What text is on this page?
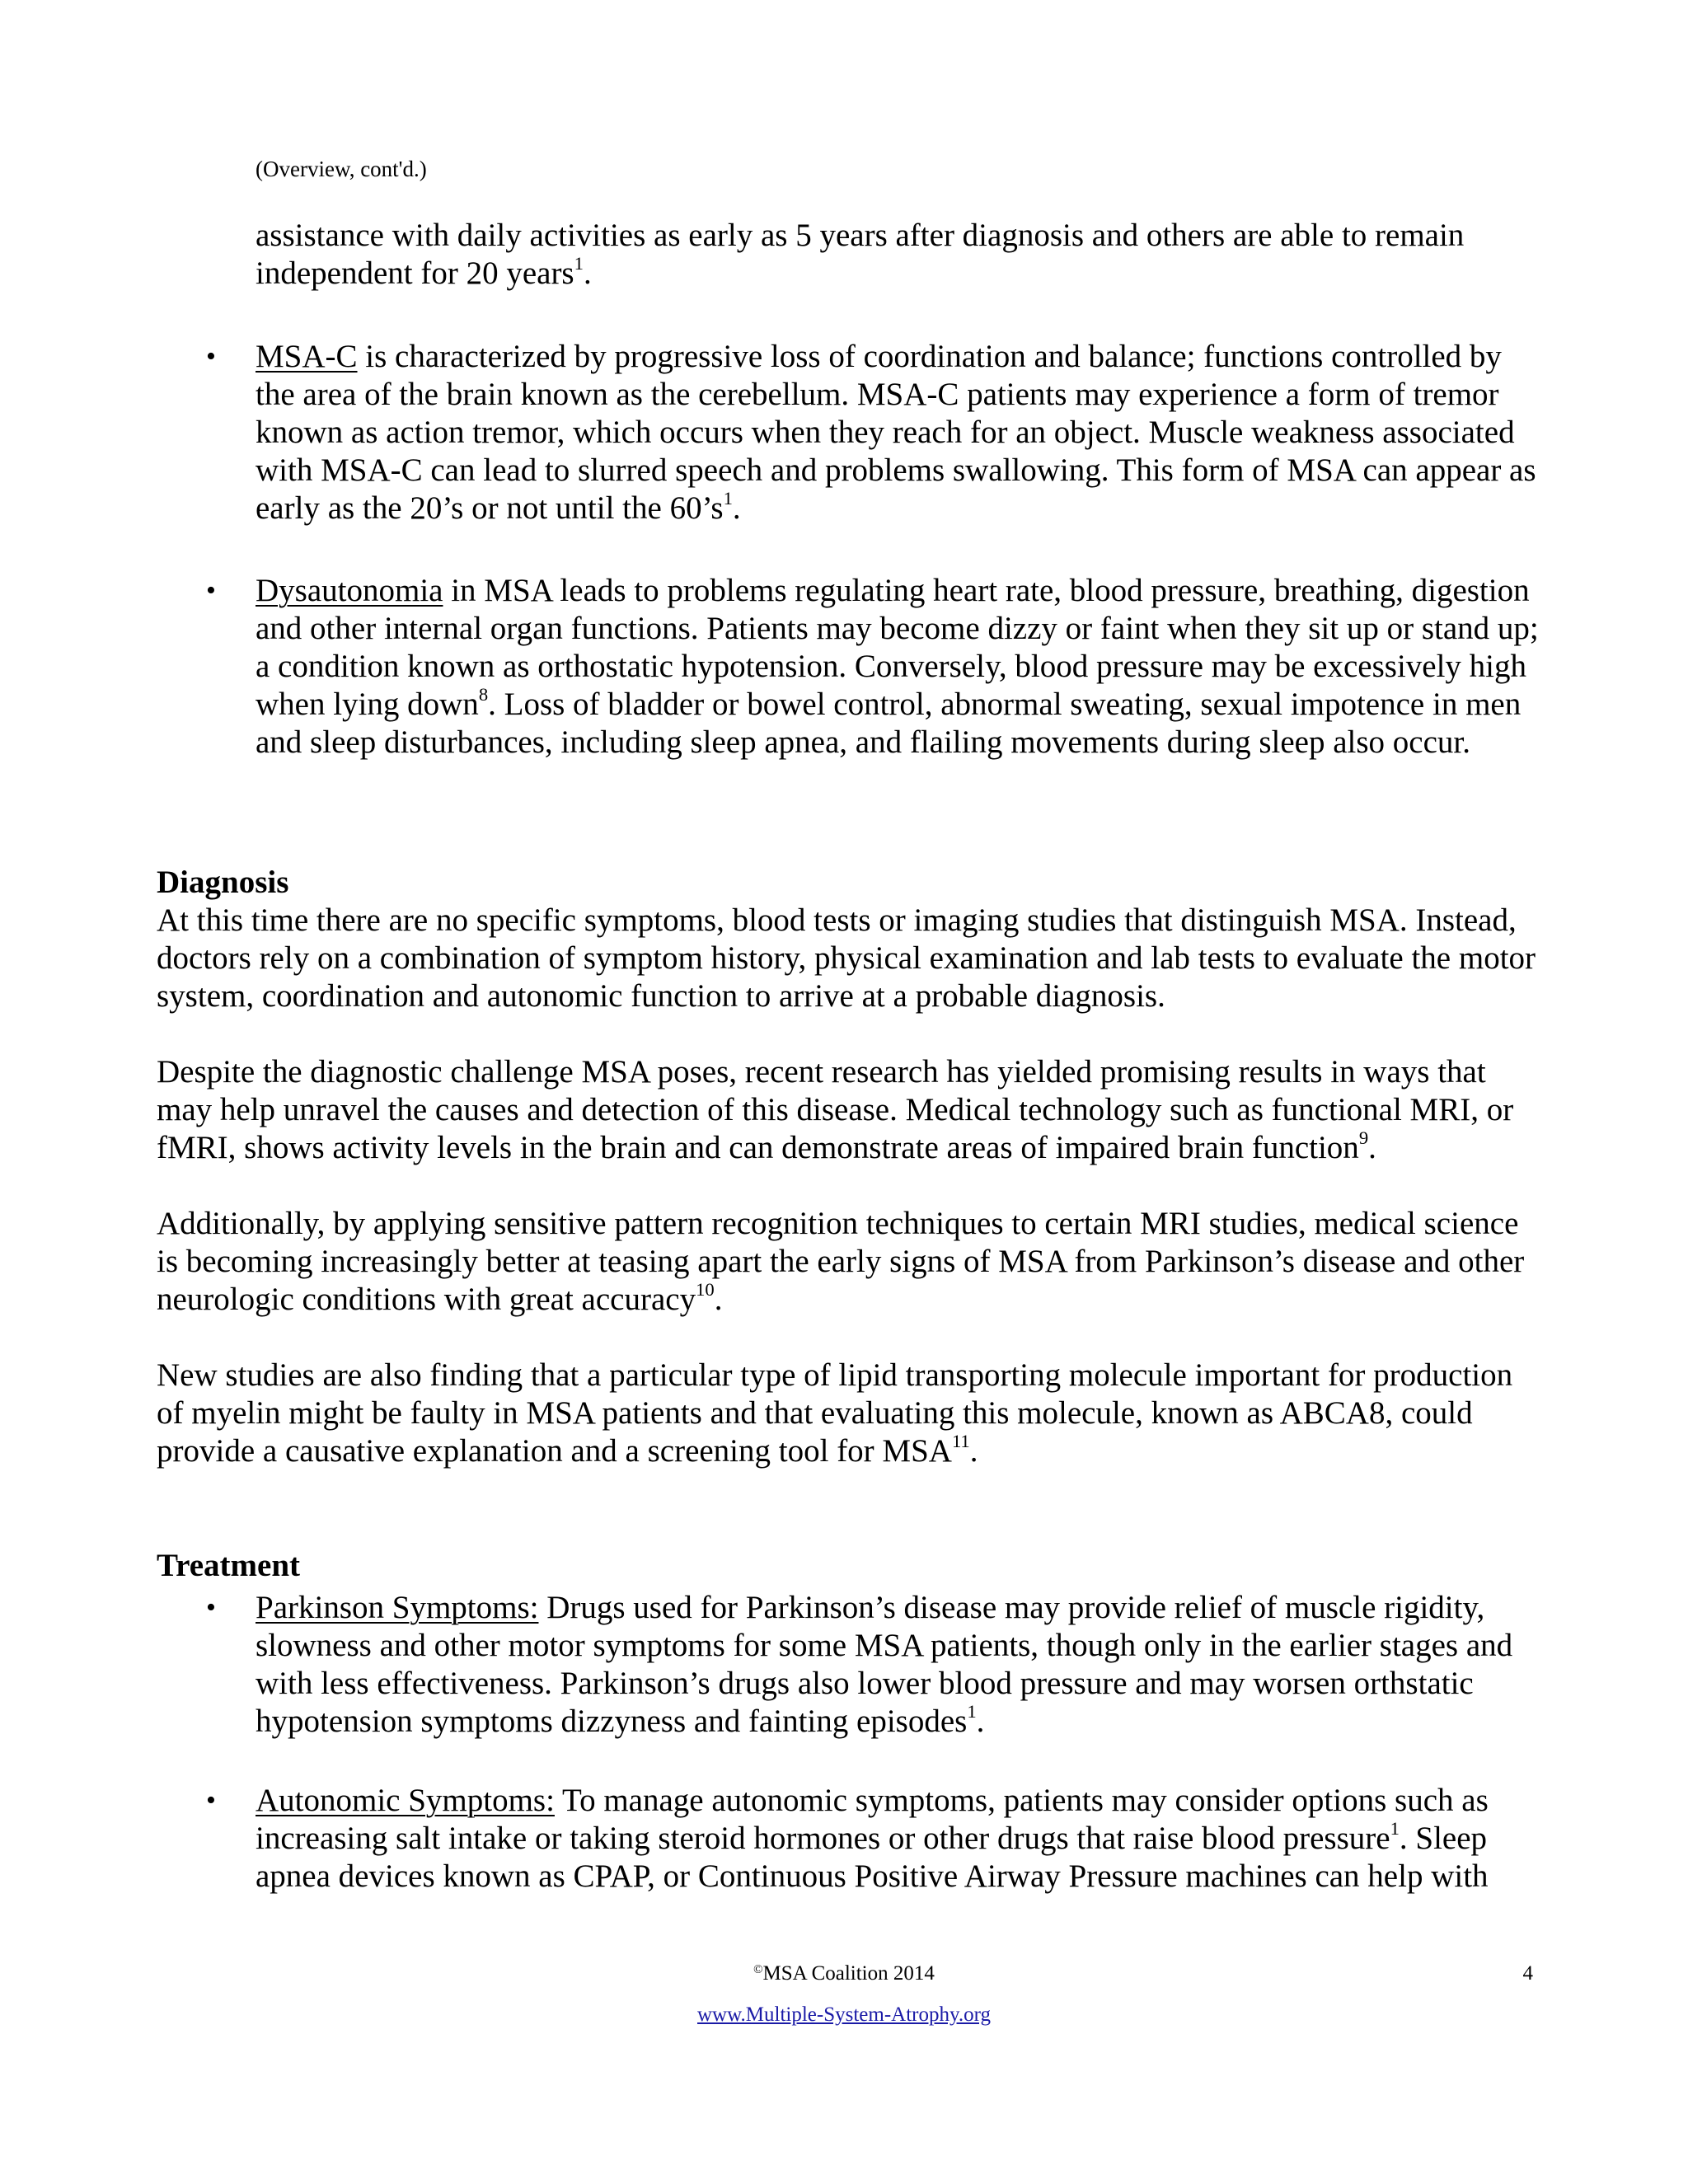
(Overview, cont'd.)
assistance with daily activities as early as 5 years after diagnosis and others are able to remain independent for 20 years$^1$.
• MSA-C is characterized by progressive loss of coordination and balance; functions controlled by the area of the brain known as the cerebellum. MSA-C patients may experience a form of tremor known as action tremor, which occurs when they reach for an object. Muscle weakness associated with MSA-C can lead to slurred speech and problems swallowing. This form of MSA can appear as early as the 20’s or not until the $60’s^1$.
• Dysautonomia in MSA leads to problems regulating heart rate, blood pressure, breathing, digestion and other internal organ functions. Patients may become dizzy or faint when they sit up or stand up; a condition known as orthostatic hypotension. Conversely, blood pressure may be excessively high when lying down$^8$. Loss of bladder or bowel control, abnormal sweating, sexual impotence in men and sleep disturbances, including sleep apnea, and flailing movements during sleep also occur.
Diagnosis
At this time there are no specific symptoms, blood tests or imaging studies that distinguish MSA. Instead, doctors rely on a combination of symptom history, physical examination and lab tests to evaluate the motor system, coordination and autonomic function to arrive at a probable diagnosis.
Despite the diagnostic challenge MSA poses, recent research has yielded promising results in ways that may help unravel the causes and detection of this disease. Medical technology such as functional MRI, or fMRI, shows activity levels in the brain and can demonstrate areas of impaired brain function$^9$.
Additionally, by applying sensitive pattern recognition techniques to certain MRI studies, medical science is becoming increasingly better at teasing apart the early signs of MSA from Parkinson’s disease and other neurologic conditions with great accuracy$^{10}$.
New studies are also finding that a particular type of lipid transporting molecule important for production of myelin might be faulty in MSA patients and that evaluating this molecule, known as ABCA8, could provide a causative explanation and a screening tool for MSA$^{11}$.
Treatment
• Parkinson Symptoms: Drugs used for Parkinson’s disease may provide relief of muscle rigidity, slowness and other motor symptoms for some MSA patients, though only in the earlier stages and with less effectiveness. Parkinson’s drugs also lower blood pressure and may worsen orthstatic hypotension symptoms dizzyness and fainting episodes$^1$.
• Autonomic Symptoms: To manage autonomic symptoms, patients may consider options such as increasing salt intake or taking steroid hormones or other drugs that raise blood pressure$^1$. Sleep apnea devices known as CPAP, or Continuous Positive Airway Pressure machines can help with
©MSA Coalition 2014	4
www.Multiple-System-Atrophy.org
